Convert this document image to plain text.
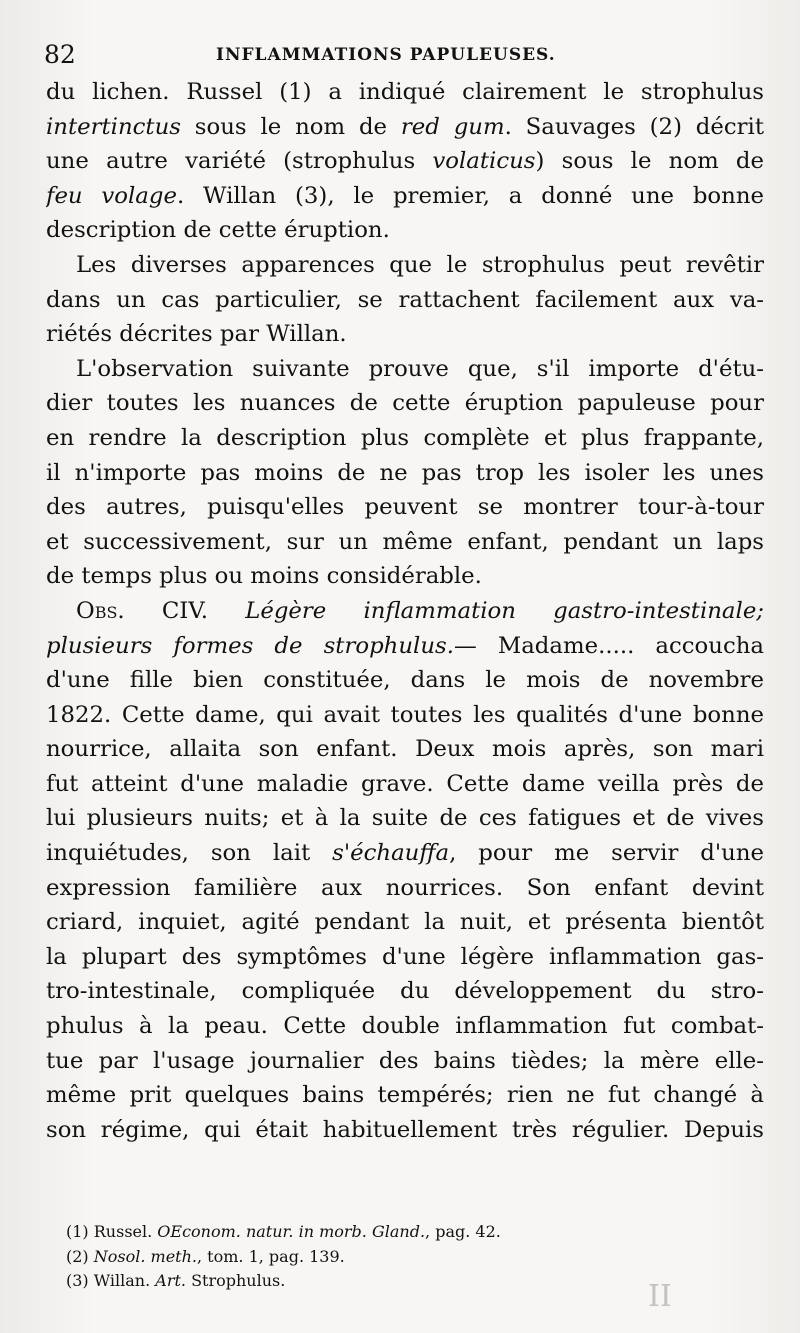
82	INFLAMMATIONS PAPULEUSES.
du lichen. Russel (1) a indiqué clairement le strophulus
intertinctus sous le nom de red gum. Sauvages (2) décrit
une autre variété (strophulus volaticus) sous le nom de
feu volage. Willan (3), le premier, a donné une bonne
description de cette éruption.
Les diverses apparences que le strophulus peut revêtir
dans un cas particulier, se rattachent facilement aux va-
riétés décrites par Willan.
L'observation suivante prouve que, s'il importe d'étu-
dier toutes les nuances de cette éruption papuleuse pour
en rendre la description plus complète et plus frappante,
il n'importe pas moins de ne pas trop les isoler les unes
des autres, puisqu'elles peuvent se montrer tour-à-tour
et successivement, sur un même enfant, pendant un laps
de temps plus ou moins considérable.
Obs. CIV. Légère inflammation gastro-intestinale;
plusieurs formes de strophulus.— Madame..... accoucha
d'une fille bien constituée, dans le mois de novembre
1822. Cette dame, qui avait toutes les qualités d'une bonne
nourrice, allaita son enfant. Deux mois après, son mari
fut atteint d'une maladie grave. Cette dame veilla près de
lui plusieurs nuits; et à la suite de ces fatigues et de vives
inquiétudes, son lait s'échauffa, pour me servir d'une
expression familière aux nourrices. Son enfant devint
criard, inquiet, agité pendant la nuit, et présenta bientôt
la plupart des symptômes d'une légère inflammation gas-
tro-intestinale, compliquée du développement du stro-
phulus à la peau. Cette double inflammation fut combat-
tue par l'usage journalier des bains tièdes; la mère elle-
même prit quelques bains tempérés; rien ne fut changé à
son régime, qui était habituellement très régulier. Depuis
(1) Russel. OEconom. natur. in morb. Gland., pag. 42.
(2) Nosol. meth., tom. 1, pag. 139.
(3) Willan. Art. Strophulus.	II
